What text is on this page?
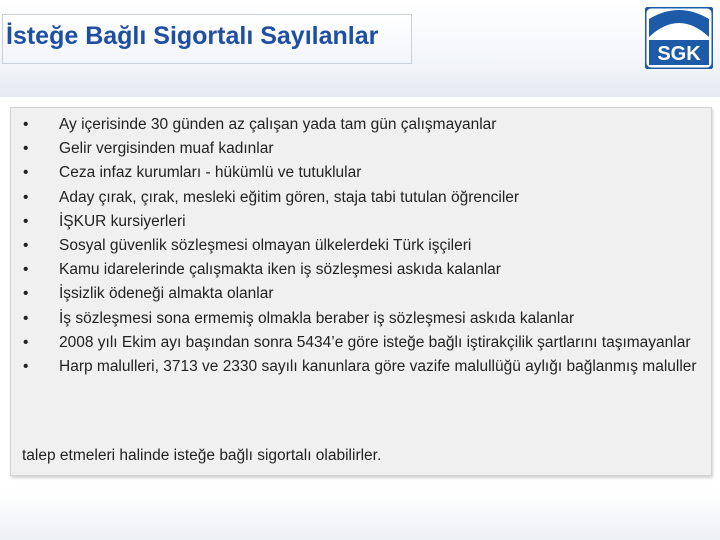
İsteğe Bağlı Sigortalı Sayılanlar
SGK
•	Ay içerisinde 30 günden az çalışan yada tam gün çalışmayanlar
•	Gelir vergisinden muaf kadınlar
•	Ceza infaz kurumları - hükümlü ve tutuklular
•	Aday çırak, çırak, mesleki eğitim gören, staja tabi tutulan öğrenciler
•	İŞKUR kursiyerleri
•	Sosyal güvenlik sözleşmesi olmayan ülkelerdeki Türk işçileri
•	Kamu idarelerinde çalışmakta iken iş sözleşmesi askıda kalanlar
•	İşsizlik ödeneği almakta olanlar
•	İş sözleşmesi sona ermemiş olmakla beraber iş sözleşmesi askıda kalanlar
•	2008 yılı Ekim ayı başından sonra 5434’e göre isteğe bağlı iştirakçilik şartlarını taşımayanlar
•	Harp malulleri, 3713 ve 2330 sayılı kanunlara göre vazife malullüğü aylığı bağlanmış maluller
talep etmeleri halinde isteğe bağlı sigortalı olabilirler.
